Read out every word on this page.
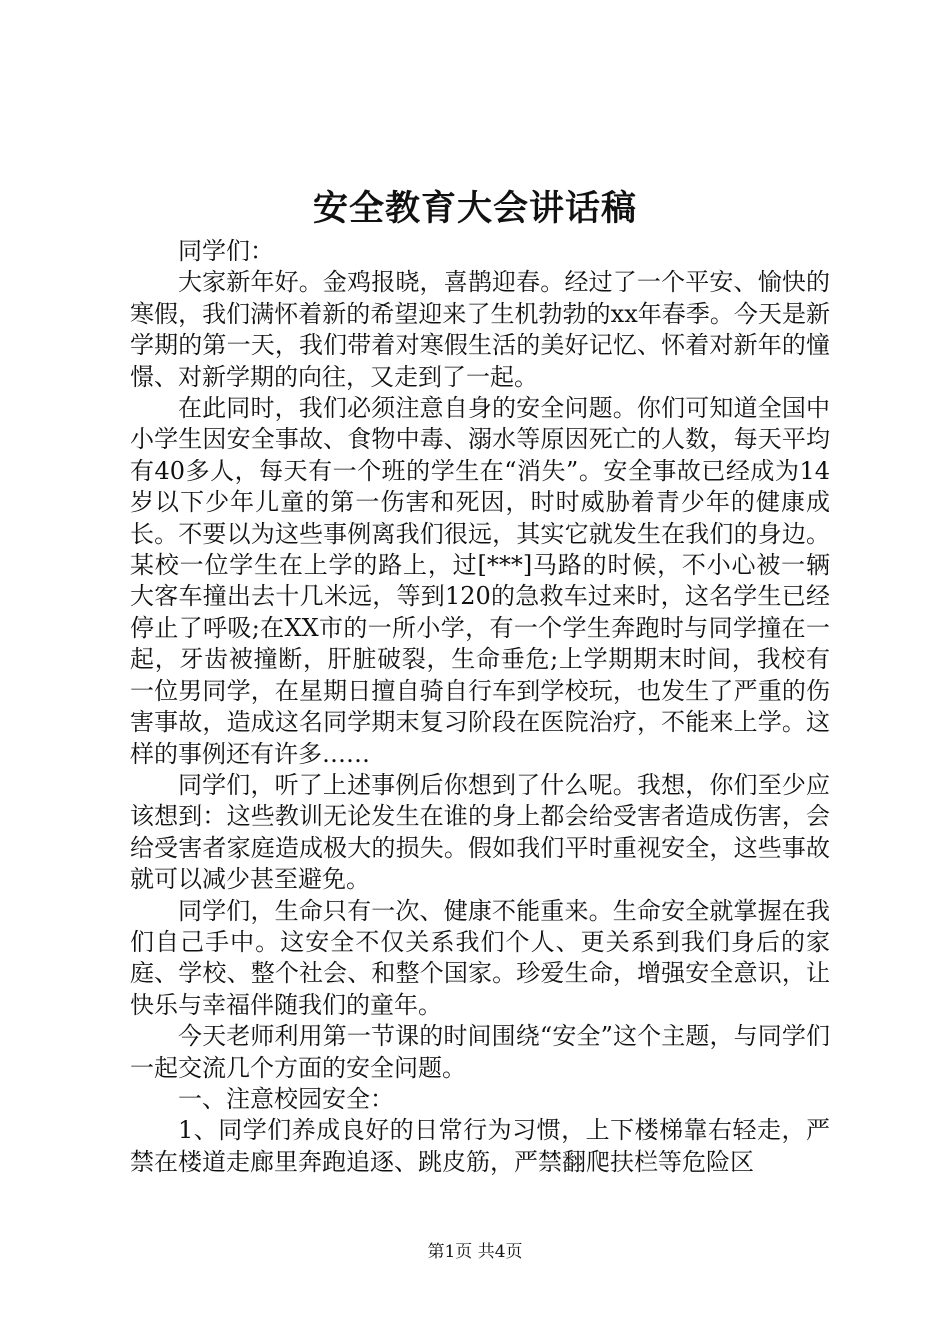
安全教育大会讲话稿

同学们：

大家新年好。金鸡报晓，喜鹊迎春。经过了一个平安、愉快的寒假，我们满怀着新的希望迎来了生机勃勃的xx年春季。今天是新学期的第一天，我们带着对寒假生活的美好记忆、怀着对新年的憧憬、对新学期的向往，又走到了一起。

在此同时，我们必须注意自身的安全问题。你们可知道全国中小学生因安全事故、食物中毒、溺水等原因死亡的人数，每天平均有40多人，每天有一个班的学生在“消失”。安全事故已经成为14岁以下少年儿童的第一伤害和死因，时时威胁着青少年的健康成长。不要以为这些事例离我们很远，其实它就发生在我们的身边。某校一位学生在上学的路上，过[***]马路的时候，不小心被一辆大客车撞出去十几米远，等到120的急救车过来时，这名学生已经停止了呼吸;在XX市的一所小学，有一个学生奔跑时与同学撞在一起，牙齿被撞断，肝脏破裂，生命垂危;上学期期末时间，我校有一位男同学，在星期日擅自骑自行车到学校玩，也发生了严重的伤害事故，造成这名同学期末复习阶段在医院治疗，不能来上学。这样的事例还有许多……

同学们，听了上述事例后你想到了什么呢。我想，你们至少应该想到：这些教训无论发生在谁的身上都会给受害者造成伤害，会给受害者家庭造成极大的损失。假如我们平时重视安全，这些事故就可以减少甚至避免。

同学们，生命只有一次、健康不能重来。生命安全就掌握在我们自己手中。这安全不仅关系我们个人、更关系到我们身后的家庭、学校、整个社会、和整个国家。珍爱生命，增强安全意识，让快乐与幸福伴随我们的童年。

今天老师利用第一节课的时间围绕“安全”这个主题，与同学们一起交流几个方面的安全问题。

一、注意校园安全：

1、同学们养成良好的日常行为习惯，上下楼梯靠右轻走，严禁在楼道走廊里奔跑追逐、跳皮筋，严禁翻爬扶栏等危险区

第1页 共4页
